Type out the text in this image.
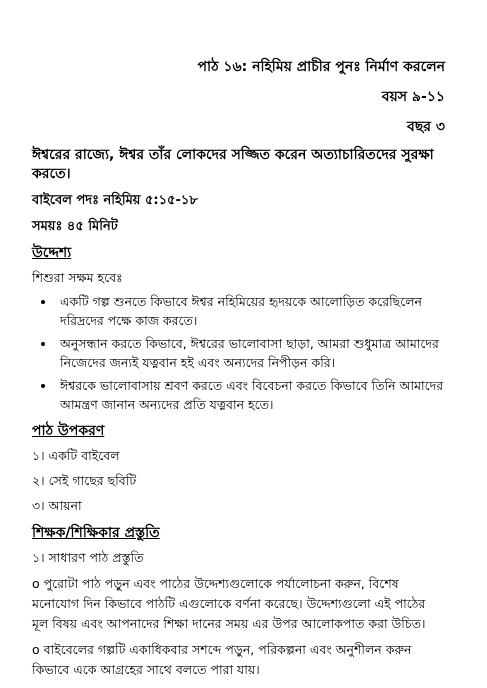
পাঠ ১৬: নহিমিয় প্রাচীর পুনঃ নির্মাণ করলেন
বয়স ৯-১১
বছর ৩
ঈশ্বরের রাজ্যে, ঈশ্বর তাঁর লোকদের সজ্জিত করেন অত্যাচারিতদের সুরক্ষা করতে।
বাইবেল পদঃ নহিমিয় ৫:১৫-১৮
সময়ঃ ৪৫ মিনিট
উদ্দেশ্য
শিশুরা সক্ষম হবেঃ
• একটি গল্প শুনতে কিভাবে ঈশ্বর নহিমিয়ের হৃদয়কে আলোড়িত করেছিলেন দরিদ্রদের পক্ষে কাজ করতে।
• অনুসন্ধান করতে কিভাবে, ঈশ্বরের ভালোবাসা ছাড়া, আমরা শুধুমাত্র আমাদের নিজেদের জন্যই যত্নবান হই এবং অন্যদের নিপীড়ন করি।
• ঈশ্বরকে ভালোবাসায় শ্রবণ করতে এবং বিবেচনা করতে কিভাবে তিনি আমাদের আমন্ত্রণ জানান অন্যদের প্রতি যত্নবান হতে।
পাঠ উপকরণ
১। একটি বাইবেল
২। সেই গাছের ছবিটি
৩। আয়না
শিক্ষক/শিক্ষিকার প্রস্তুতি
১। সাধারণ পাঠ প্রস্তুতি
o পুরোটা পাঠ পড়ুন এবং পাঠের উদ্দেশ্যগুলোকে পর্যালোচনা করুন, বিশেষ মনোযোগ দিন কিভাবে পাঠটি এগুলোকে বর্ণনা করেছে। উদ্দেশ্যগুলো এই পাঠের মূল বিষয় এবং আপনাদের শিক্ষা দানের সময় এর উপর আলোকপাত করা উচিত।
o বাইবেলের গল্পটি একাধিকবার সশব্দে পড়ুন, পরিকল্পনা এবং অনুশীলন করুন কিভাবে একে আগ্রহের সাথে বলতে পারা যায়।
